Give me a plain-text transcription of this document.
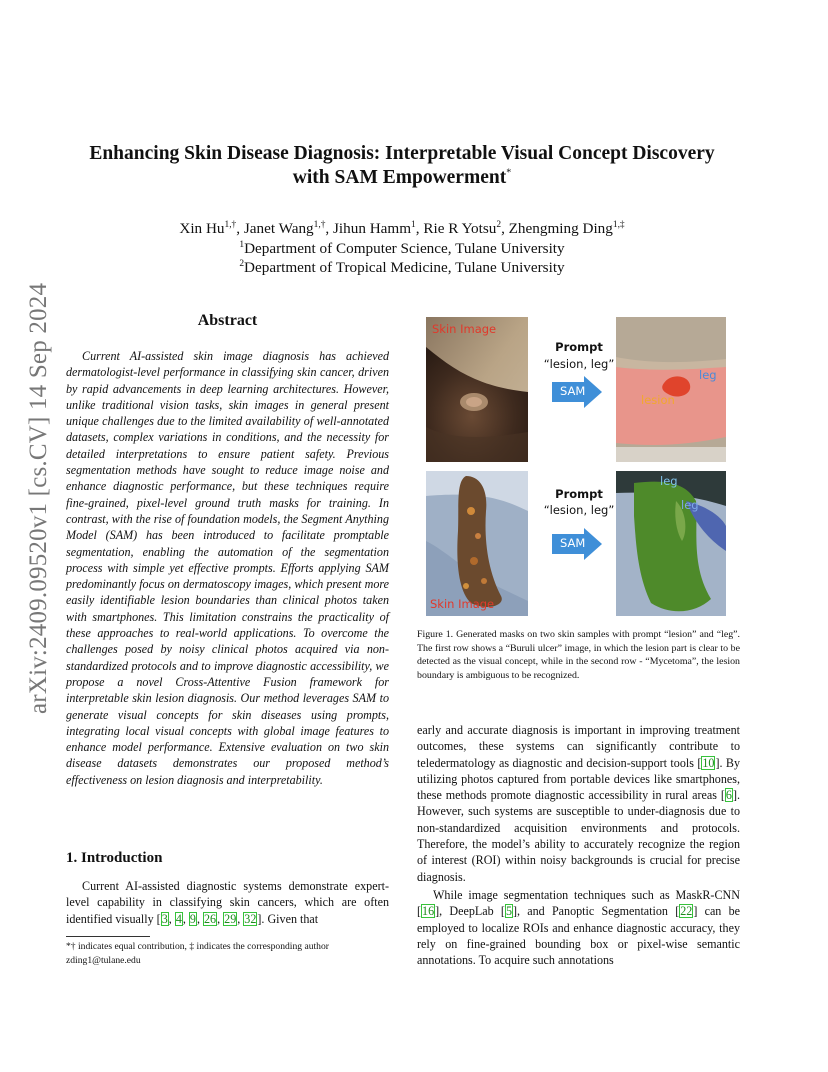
arXiv:2409.09520v1 [cs.CV] 14 Sep 2024
Enhancing Skin Disease Diagnosis: Interpretable Visual Concept Discovery
with SAM Empowerment*
Xin $Hu^{1,\dagger}$, Janet Wang$^{1,\dagger}$, Jihun Hamm$^1$, Rie R Yotsu$^2$, Zhengming Ding$^{1,\ddagger}$
$^1$Department of Computer Science, Tulane University
$^2$Department of Tropical Medicine, Tulane University
Abstract
Current AI-assisted skin image diagnosis has achieved dermatologist-level performance in classifying skin cancer, driven by rapid advancements in deep learning architectures. However, unlike traditional vision tasks, skin images in general present unique challenges due to the limited availability of well-annotated datasets, complex variations in conditions, and the necessity for detailed interpretations to ensure patient safety. Previous segmentation methods have sought to reduce image noise and enhance diagnostic performance, but these techniques require fine-grained, pixel-level ground truth masks for training. In contrast, with the rise of foundation models, the Segment Anything Model (SAM) has been introduced to facilitate promptable segmentation, enabling the automation of the segmentation process with simple yet effective prompts. Efforts applying SAM predominantly focus on dermatoscopy images, which present more easily identifiable lesion boundaries than clinical photos taken with smartphones. This limitation constrains the practicality of these approaches to real-world applications. To overcome the challenges posed by noisy clinical photos acquired via non-standardized protocols and to improve diagnostic accessibility, we propose a novel Cross-Attentive Fusion framework for interpretable skin lesion diagnosis. Our method leverages SAM to generate visual concepts for skin diseases using prompts, integrating local visual concepts with global image features to enhance model performance. Extensive evaluation on two skin disease datasets demonstrates our proposed method’s effectiveness on lesion diagnosis and interpretability.
1. Introduction
Current AI-assisted diagnostic systems demonstrate expert-level capability in classifying skin cancers, which are often identified visually [3, 4, 9, 26, 29, 32]. Given that
*† indicates equal contribution, ‡ indicates the corresponding author
zding1@tulane.edu
Skin Image
Prompt
“lesion, leg”
SAM
leg
lesion
Skin Image
Prompt
“lesion, leg”
SAM
leg
leg
Figure 1. Generated masks on two skin samples with prompt “lesion” and “leg”. The first row shows a “Buruli ulcer” image, in which the lesion part is clear to be detected as the visual concept, while in the second row - “Mycetoma”, the lesion boundary is ambiguous to be recognized.
early and accurate diagnosis is important in improving treatment outcomes, these systems can significantly contribute to teledermatology as diagnostic and decision-support tools [10]. By utilizing photos captured from portable devices like smartphones, these methods promote diagnostic accessibility in rural areas [6]. However, such systems are susceptible to under-diagnosis due to non-standardized acquisition environments and protocols. Therefore, the model’s ability to accurately recognize the region of interest (ROI) within noisy backgrounds is crucial for precise diagnosis.
While image segmentation techniques such as MaskR-CNN [16], DeepLab [5], and Panoptic Segmentation [22] can be employed to localize ROIs and enhance diagnostic accuracy, they rely on fine-grained bounding box or pixel-wise semantic annotations. To acquire such annotations
